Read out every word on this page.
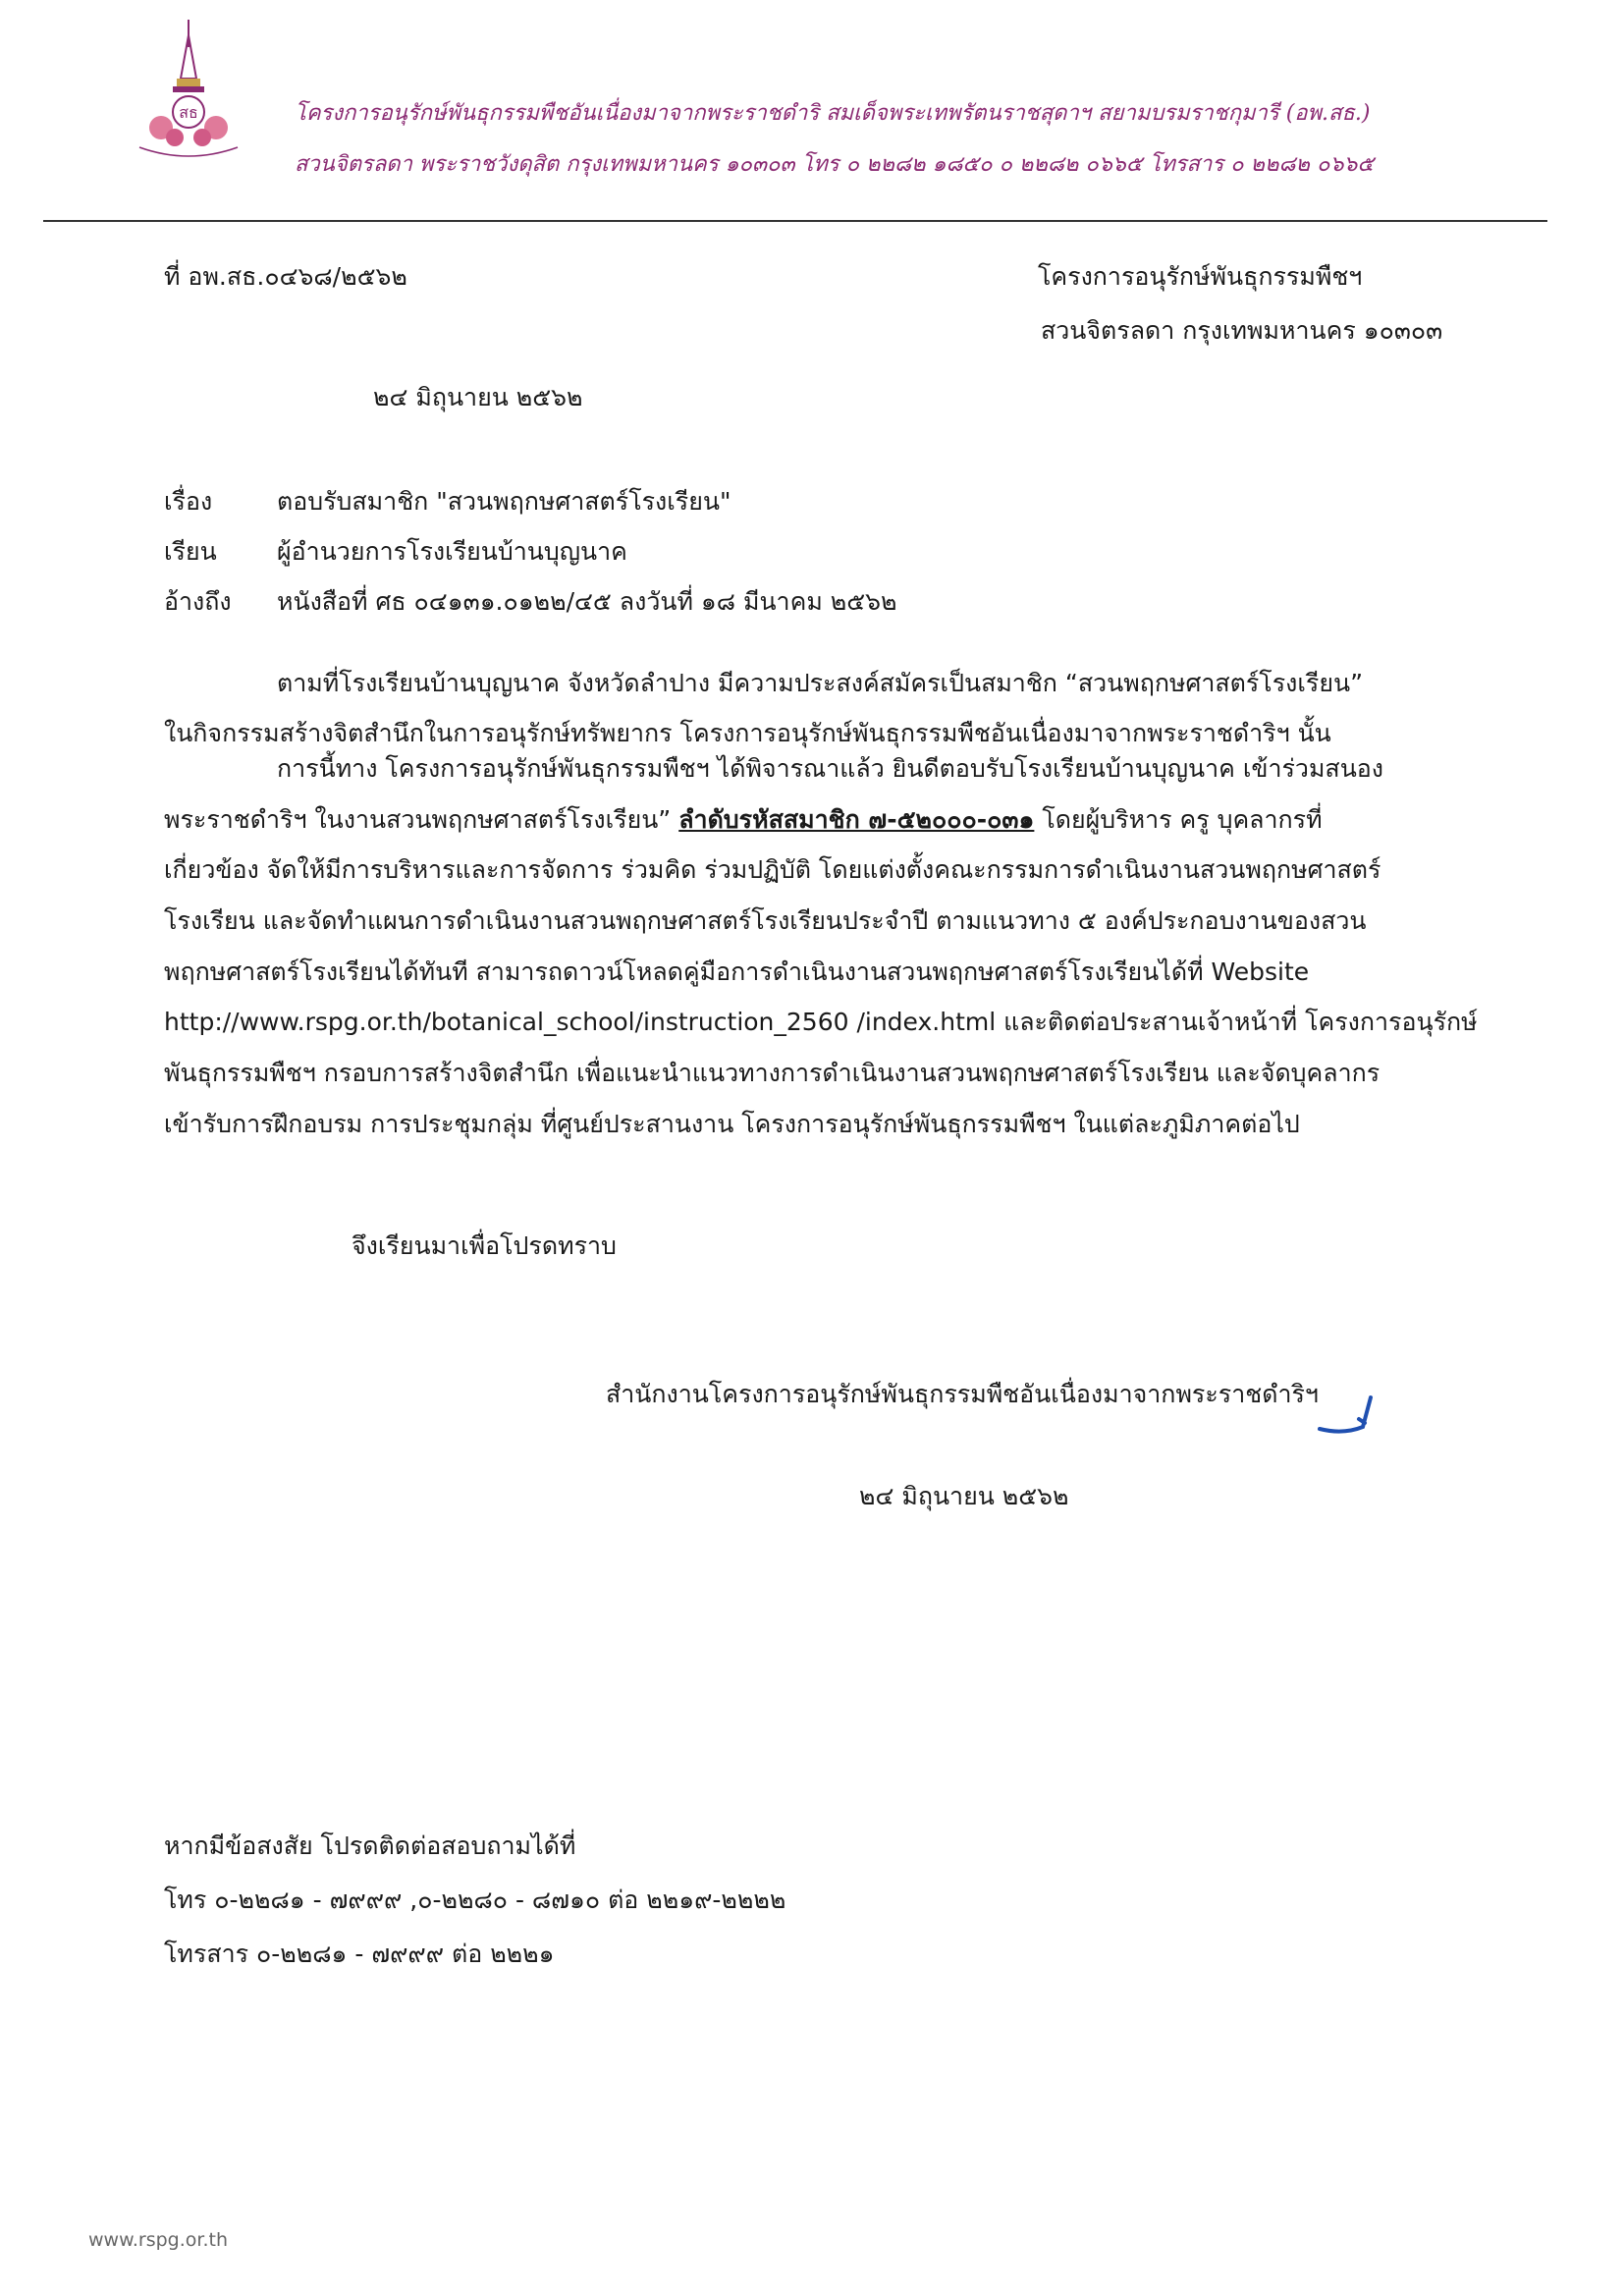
สธ	โครงการอนุรักษ์พันธุกรรมพืชอันเนื่องมาจากพระราชดำริ สมเด็จพระเทพรัตนราชสุดาฯ สยามบรมราชกุมารี (อพ.สธ.)
สวนจิตรลดา พระราชวังดุสิต กรุงเทพมหานคร ๑๐๓๐๓ โทร ๐ ๒๒๘๒ ๑๘๕๐ ๐ ๒๒๘๒ ๐๖๖๕ โทรสาร ๐ ๒๒๘๒ ๐๖๖๕
ที่ อพ.สธ.๐๔๖๘/๒๕๖๒	โครงการอนุรักษ์พันธุกรรมพืชฯ
สวนจิตรลดา กรุงเทพมหานคร ๑๐๓๐๓
๒๔ มิถุนายน ๒๕๖๒
เรื่อง	ตอบรับสมาชิก "สวนพฤกษศาสตร์โรงเรียน"
เรียน ผู้อำนวยการโรงเรียนบ้านบุญนาค
อ้างถึง หนังสือที่ ศธ ๐๔๑๓๑.๐๑๒๒/๔๕ ลงวันที่ ๑๘ มีนาคม ๒๕๖๒
ตามที่โรงเรียนบ้านบุญนาค จังหวัดลำปาง มีความประสงค์สมัครเป็นสมาชิก “สวนพฤกษศาสตร์โรงเรียน”
ในกิจกรรมสร้างจิตสำนึกในการอนุรักษ์ทรัพยากร โครงการอนุรักษ์พันธุกรรมพืชอันเนื่องมาจากพระราชดำริฯ นั้น
การนี้ทาง โครงการอนุรักษ์พันธุกรรมพืชฯ ได้พิจารณาแล้ว ยินดีตอบรับโรงเรียนบ้านบุญนาค เข้าร่วมสนอง
พระราชดำริฯ ในงานสวนพฤกษศาสตร์โรงเรียน” ลำดับรหัสสมาชิก ๗-๕๒๐๐๐-๐๓๑ โดยผู้บริหาร ครู บุคลากรที่
เกี่ยวข้อง จัดให้มีการบริหารและการจัดการ ร่วมคิด ร่วมปฏิบัติ โดยแต่งตั้งคณะกรรมการดำเนินงานสวนพฤกษศาสตร์
โรงเรียน และจัดทำแผนการดำเนินงานสวนพฤกษศาสตร์โรงเรียนประจำปี ตามแนวทาง ๕ องค์ประกอบงานของสวน
พฤกษศาสตร์โรงเรียนได้ทันที สามารถดาวน์โหลดคู่มือการดำเนินงานสวนพฤกษศาสตร์โรงเรียนได้ที่ Website
http://www.rspg.or.th/botanical_school/instruction_2560 /index.html และติดต่อประสานเจ้าหน้าที่ โครงการอนุรักษ์
พันธุกรรมพืชฯ กรอบการสร้างจิตสำนึก เพื่อแนะนำแนวทางการดำเนินงานสวนพฤกษศาสตร์โรงเรียน และจัดบุคลากร
เข้ารับการฝึกอบรม การประชุมกลุ่ม ที่ศูนย์ประสานงาน โครงการอนุรักษ์พันธุกรรมพืชฯ ในแต่ละภูมิภาคต่อไป
จึงเรียนมาเพื่อโปรดทราบ
สำนักงานโครงการอนุรักษ์พันธุกรรมพืชอันเนื่องมาจากพระราชดำริฯ
๒๔ มิถุนายน ๒๕๖๒
หากมีข้อสงสัย โปรดติดต่อสอบถามได้ที่
โทร ๐-๒๒๘๑ - ๗๙๙๙ ,๐-๒๒๘๐ - ๘๗๑๐ ต่อ ๒๒๑๙-๒๒๒๒
โทรสาร ๐-๒๒๘๑ - ๗๙๙๙ ต่อ ๒๒๒๑
www.rspg.or.th
